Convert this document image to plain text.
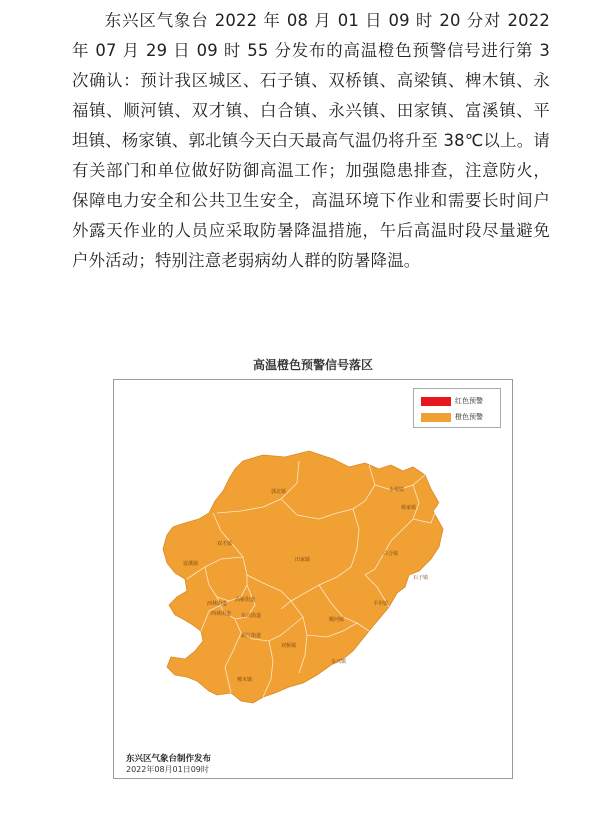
东兴区气象台 2022 年 08 月 01 日 09 时 20 分对 2022 年 07 月 29 日 09 时 55 分发布的高温橙色预警信号进行第 3 次确认：预计我区城区、石子镇、双桥镇、高梁镇、椑木镇、永福镇、顺河镇、双才镇、白合镇、永兴镇、田家镇、富溪镇、平坦镇、杨家镇、郭北镇今天白天最高气温仍将升至 38℃以上。请有关部门和单位做好防御高温工作；加强隐患排查，注意防火，保障电力安全和公共卫生安全，高温环境下作业和需要长时间户外露天作业的人员应采取防暑降温措施，午后高温时段尽量避免户外活动；特别注意老弱病幼人群的防暑降温。

高温橙色预警信号落区
郭北镇	永福镇
杨家镇
双才镇
富溪镇
田家镇
白合镇
石子镇
西林街道
高桥街道
西林街道 东兴街道
新江街道
平坦镇
顺河镇
双桥镇
永兴镇
椑木镇
红色预警
橙色预警
东兴区气象台制作发布
2022年08月01日09时
